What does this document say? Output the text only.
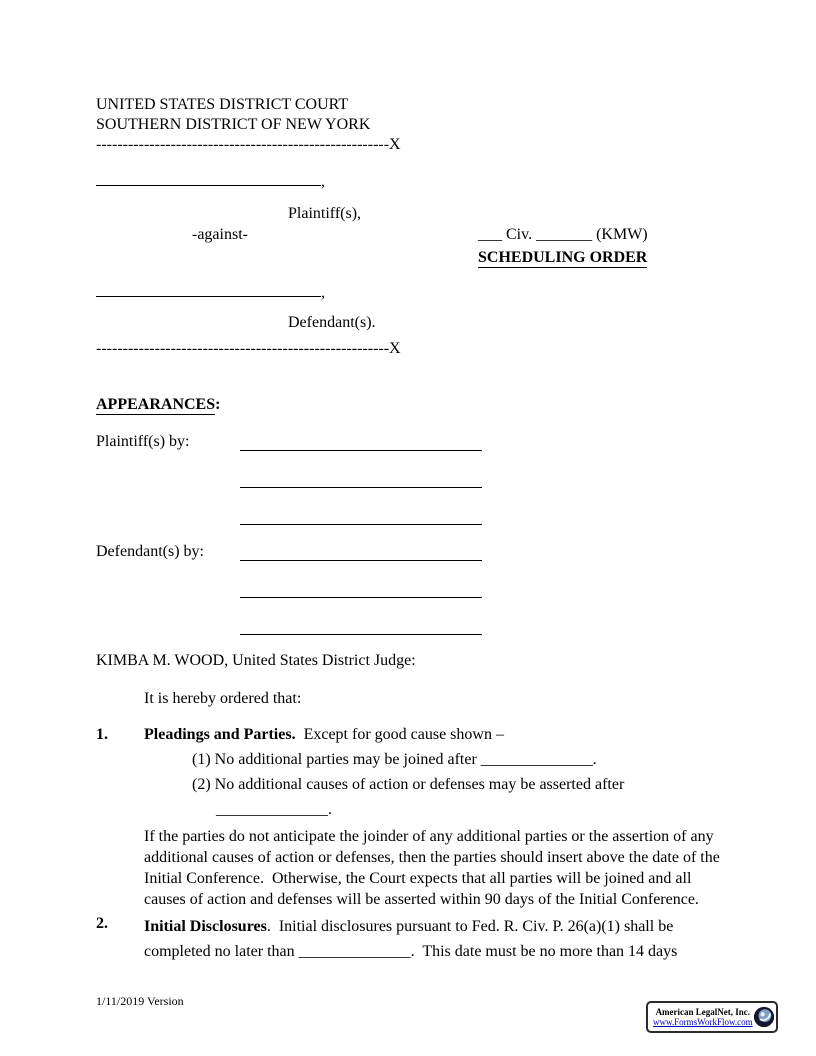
UNITED STATES DISTRICT COURT
SOUTHERN DISTRICT OF NEW YORK
-------------------------------------------------------X
,
Plaintiff(s),
-against-	___ Civ. _______ (KMW)
SCHEDULING ORDER
,
Defendant(s).
-------------------------------------------------------X
APPEARANCES:
Plaintiff(s) by:
Defendant(s) by:
KIMBA M. WOOD, United States District Judge:
It is hereby ordered that:
1. Pleadings and Parties.  Except for good cause shown –
(1) No additional parties may be joined after ______________.
(2) No additional causes of action or defenses may be asserted after
______________.
If the parties do not anticipate the joinder of any additional parties or the assertion of any additional causes of action or defenses, then the parties should insert above the date of the Initial Conference.  Otherwise, the Court expects that all parties will be joined and all causes of action and defenses will be asserted within 90 days of the Initial Conference.
2. Initial Disclosures.  Initial disclosures pursuant to Fed. R. Civ. P. 26(a)(1) shall be completed no later than ______________.  This date must be no more than 14 days
1/11/2019 Version
American LegalNet, Inc.
www.FormsWorkFlow.com
